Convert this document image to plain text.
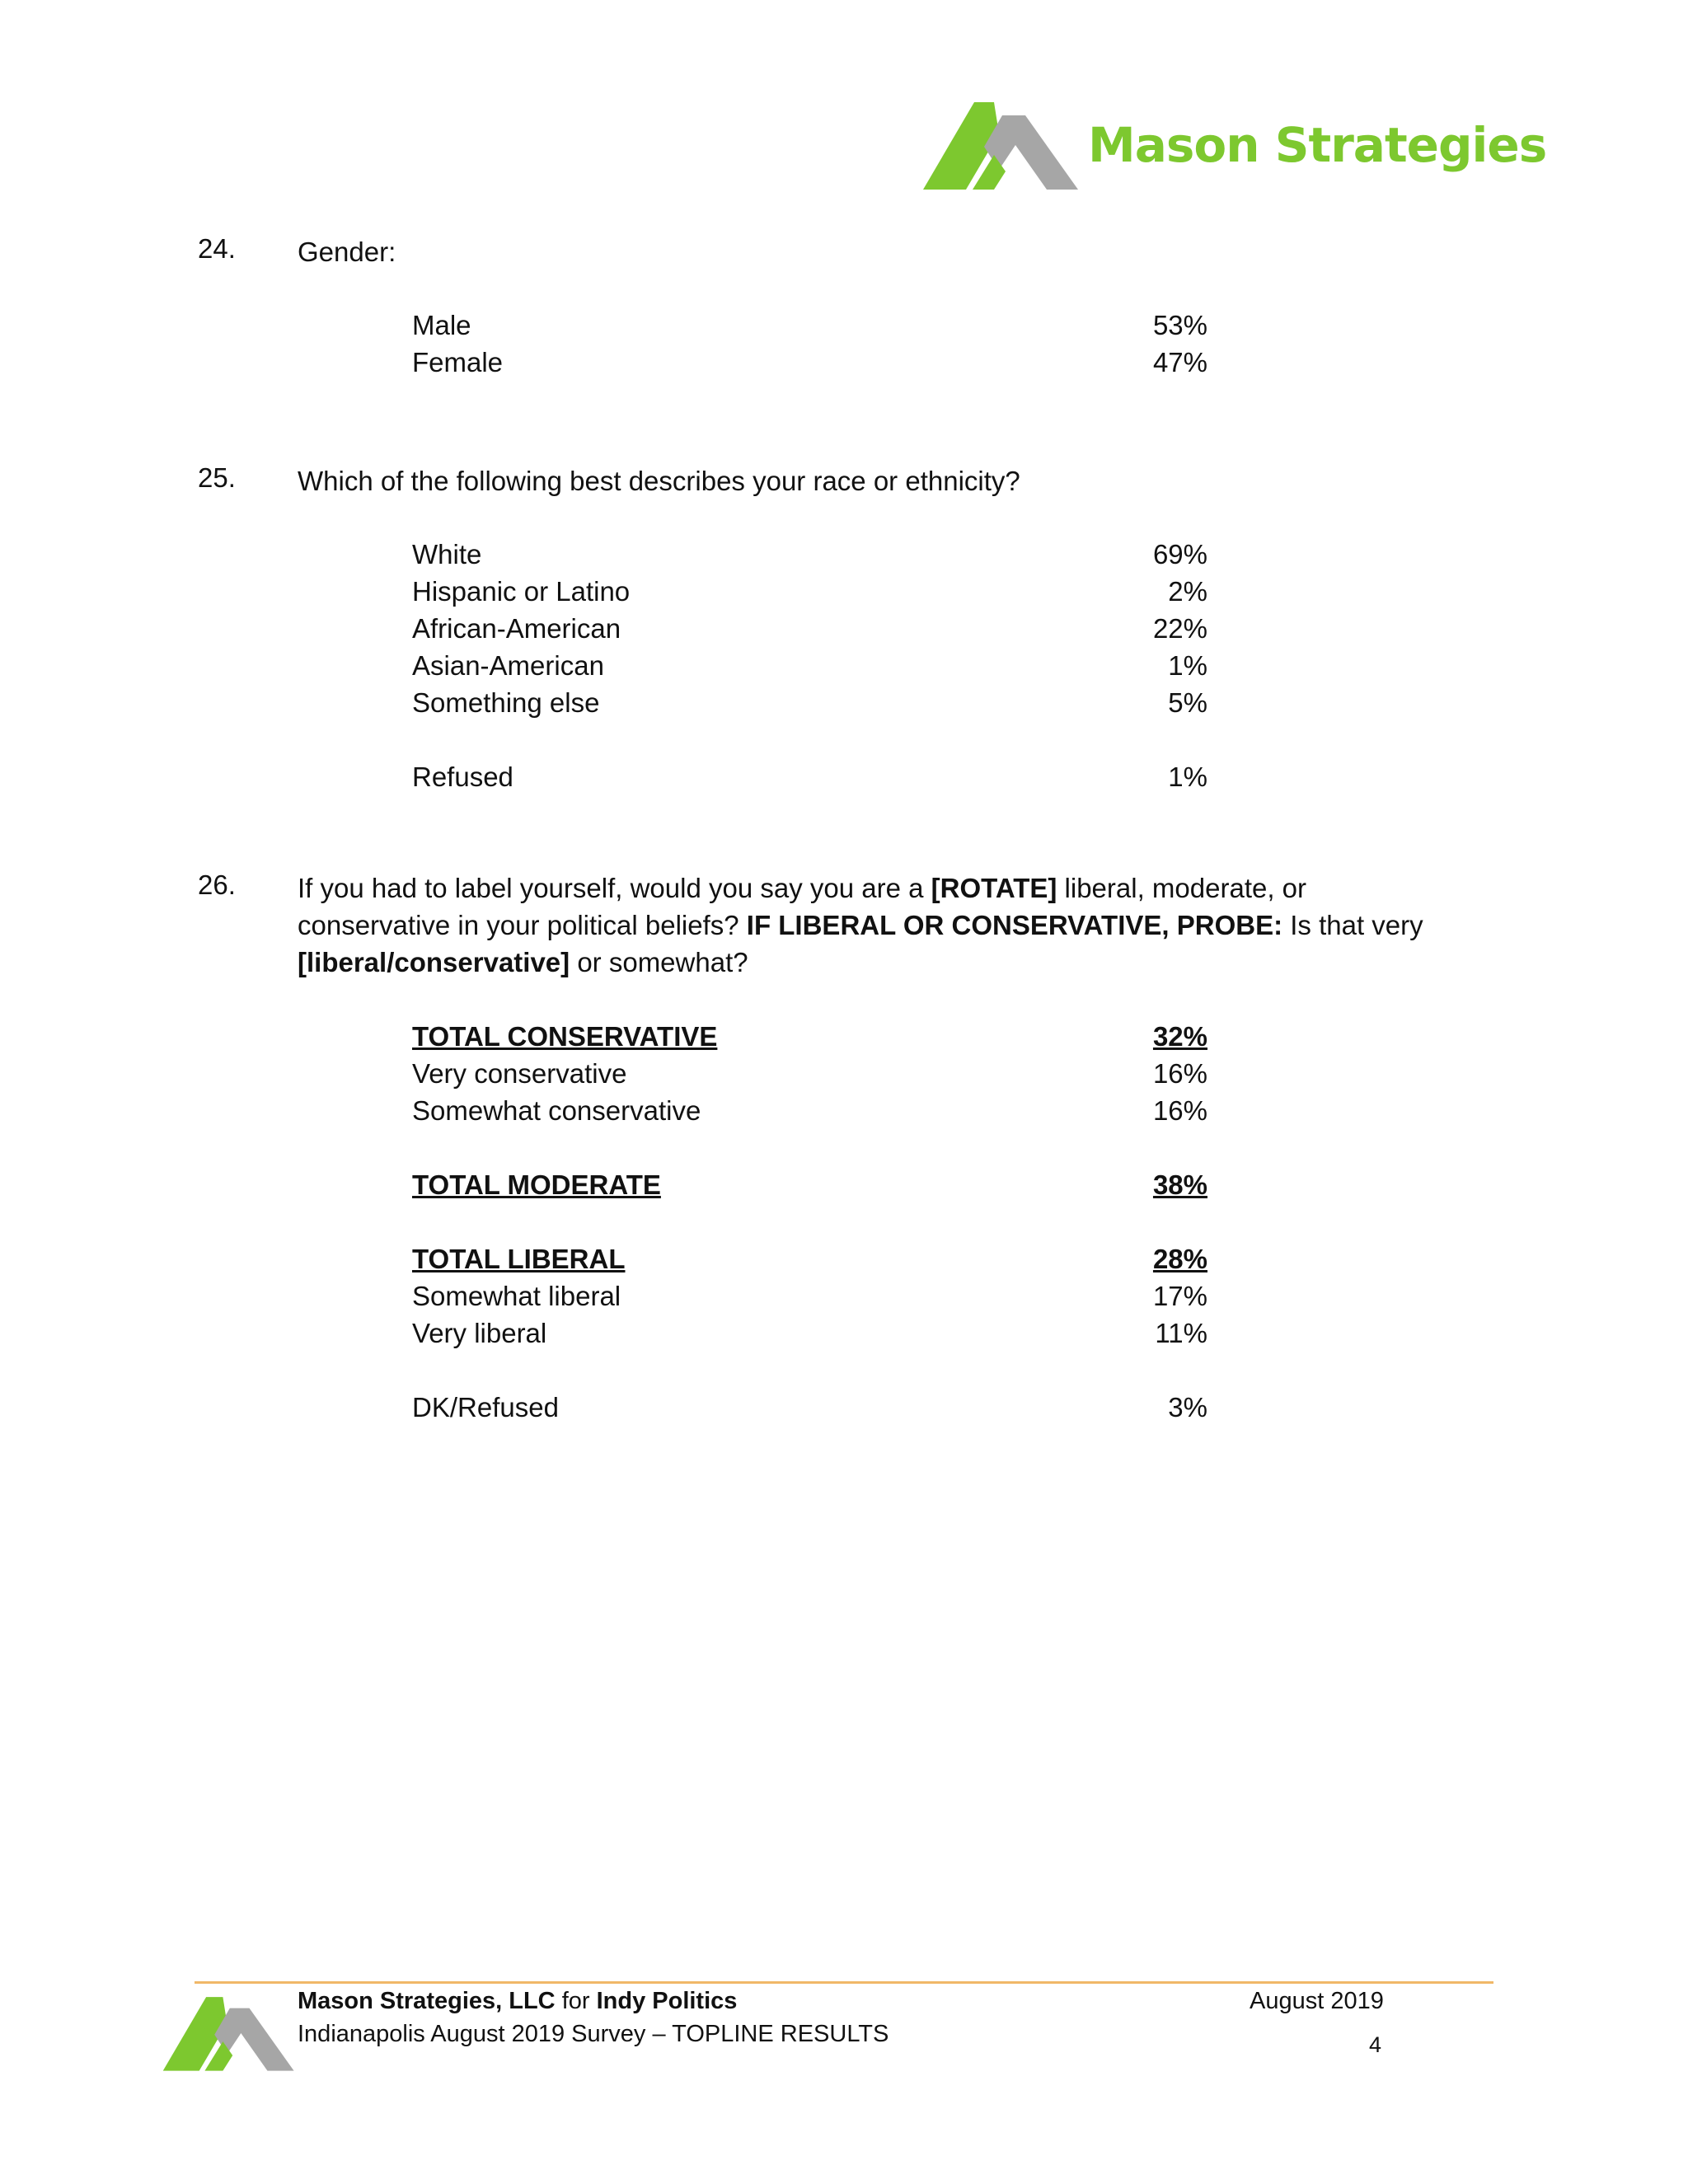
Mason Strategies
24. Gender:
Male	53%
Female	47%
25. Which of the following best describes your race or ethnicity?
White	69%
Hispanic or Latino	2%
African-American	22%
Asian-American	1%
Something else	5%
Refused	1%
26. If you had to label yourself, would you say you are a [ROTATE] liberal, moderate, or
conservative in your political beliefs? IF LIBERAL OR CONSERVATIVE, PROBE: Is that very
[liberal/conservative] or somewhat?
TOTAL CONSERVATIVE	32%
Very conservative	16%
Somewhat conservative	16%
TOTAL MODERATE	38%
TOTAL LIBERAL	28%
Somewhat liberal	17%
Very liberal	11%
DK/Refused	3%
Mason Strategies, LLC for Indy Politics
Indianapolis August 2019 Survey – TOPLINE RESULTS
August 2019
4
